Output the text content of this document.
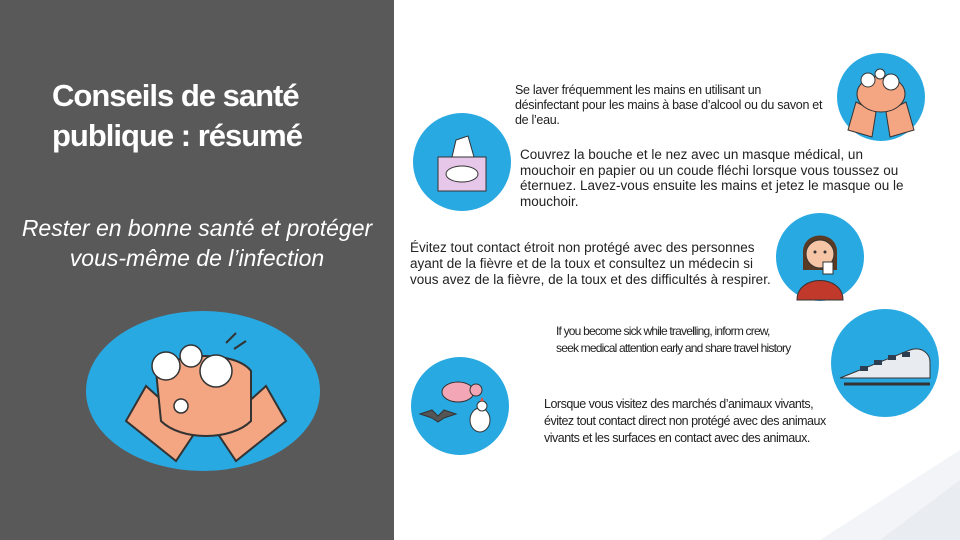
Conseils de santé publique : résumé
Rester en bonne santé et protéger vous-même de l’infection
Se laver fréquemment les mains en utilisant un désinfectant pour les mains à base d’alcool ou du savon et de l’eau.
Couvrez la bouche et le nez avec un masque médical, un mouchoir en papier ou un coude fléchi lorsque vous toussez ou éternuez. Lavez-vous ensuite les mains et jetez le masque ou le mouchoir.
Évitez tout contact étroit non protégé avec des personnes ayant de la fièvre et de la toux et consultez un médecin si vous avez de la fièvre, de la toux et des difficultés à respirer.
If you become sick while travelling, inform crew, seek medical attention early and share travel history
Lorsque vous visitez des marchés d’animaux vivants, évitez tout contact direct non protégé avec des animaux vivants et les surfaces en contact avec des animaux.
